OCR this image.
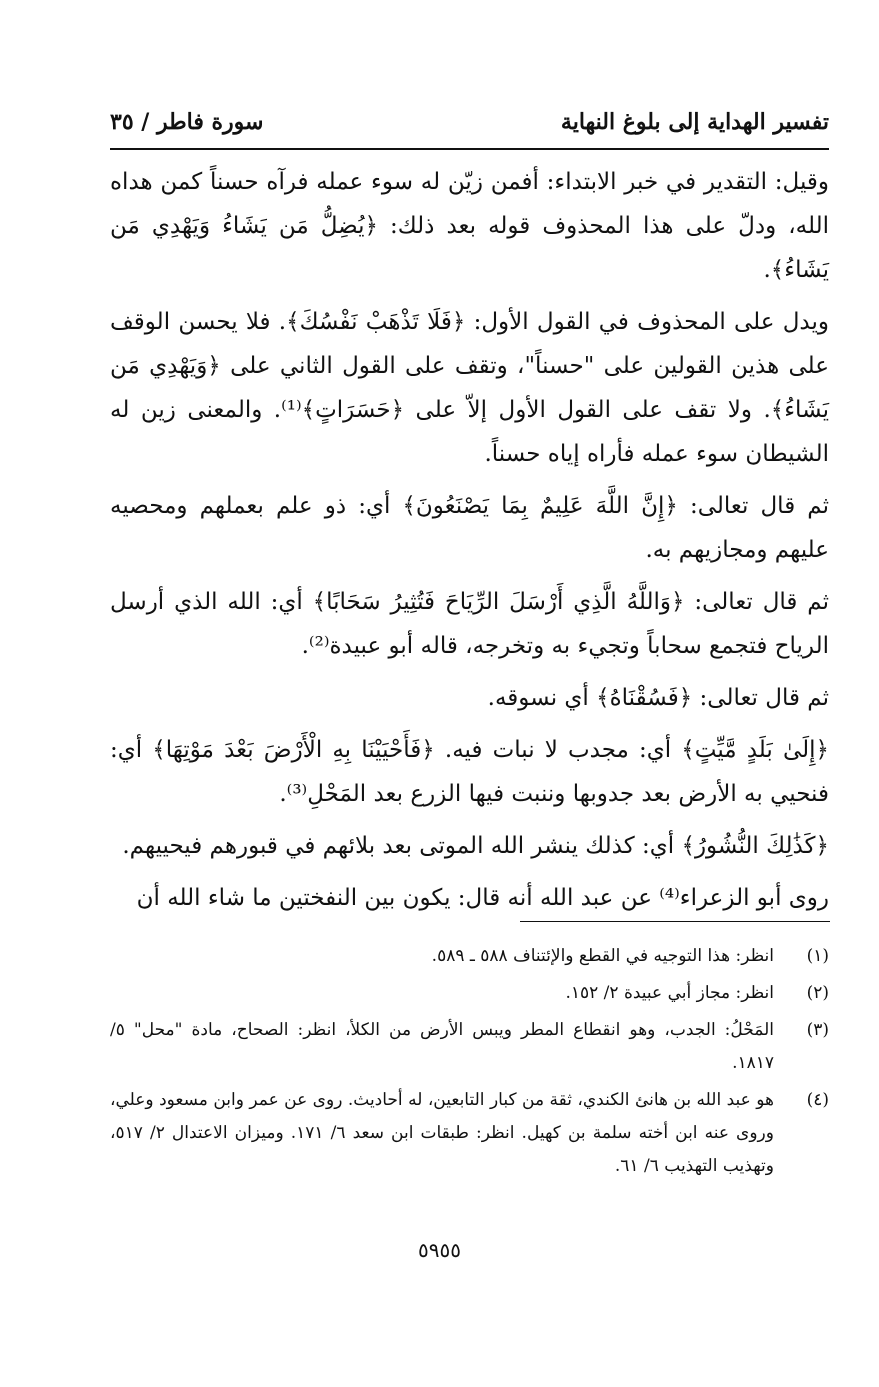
تفسير الهداية إلى بلوغ النهاية
سورة فاطر / ٣٥

وقيل: التقدير في خبر الابتداء: أفمن زيّن له سوء عمله فرآه حسناً كمن هداه الله، ودلّ على هذا المحذوف قوله بعد ذلك: ﴿يُضِلُّ مَن يَشَاءُ وَيَهْدِي مَن يَشَاءُ﴾.

ويدل على المحذوف في القول الأول: ﴿فَلَا تَذْهَبْ نَفْسُكَ﴾. فلا يحسن الوقف على هذين القولين على "حسناً"، وتقف على القول الثاني على ﴿وَيَهْدِي مَن يَشَاءُ﴾. ولا تقف على القول الأول إلاّ على ﴿حَسَرَاتٍ﴾⁽¹⁾. والمعنى زين له الشيطان سوء عمله فأراه إياه حسناً.

ثم قال تعالى: ﴿إِنَّ اللَّهَ عَلِيمٌ بِمَا يَصْنَعُونَ﴾ أي: ذو علم بعملهم ومحصيه عليهم ومجازيهم به.

ثم قال تعالى: ﴿وَاللَّهُ الَّذِي أَرْسَلَ الرِّيَاحَ فَتُثِيرُ سَحَابًا﴾ أي: الله الذي أرسل الرياح فتجمع سحاباً وتجيء به وتخرجه، قاله أبو عبيدة⁽²⁾.

ثم قال تعالى: ﴿فَسُقْنَاهُ﴾ أي نسوقه.

﴿إِلَىٰ بَلَدٍ مَّيِّتٍ﴾ أي: مجدب لا نبات فيه. ﴿فَأَحْيَيْنَا بِهِ الْأَرْضَ بَعْدَ مَوْتِهَا﴾ أي: فنحيي به الأرض بعد جدوبها وننبت فيها الزرع بعد المَحْلِ⁽³⁾.

﴿كَذَٰلِكَ النُّشُورُ﴾ أي: كذلك ينشر الله الموتى بعد بلائهم في قبورهم فيحييهم.

روى أبو الزعراء⁽⁴⁾ عن عبد الله أنه قال: يكون بين النفختين ما شاء الله أن

(١)
انظر: هذا التوجيه في القطع والإئتناف ٥٨٨ ـ ٥٨٩.
(٢)
انظر: مجاز أبي عبيدة ٢/ ١٥٢.
(٣)
المَحْلُ: الجدب، وهو انقطاع المطر ويبس الأرض من الكلأ، انظر: الصحاح، مادة "محل" ٥/ ١٨١٧.
(٤)
هو عبد الله بن هانئ الكندي، ثقة من كبار التابعين، له أحاديث. روى عن عمر وابن مسعود وعلي، وروى عنه ابن أخته سلمة بن كهيل. انظر: طبقات ابن سعد ٦/ ١٧١. وميزان الاعتدال ٢/ ٥١٧، وتهذيب التهذيب ٦/ ٦١.
٥٩٥٥
